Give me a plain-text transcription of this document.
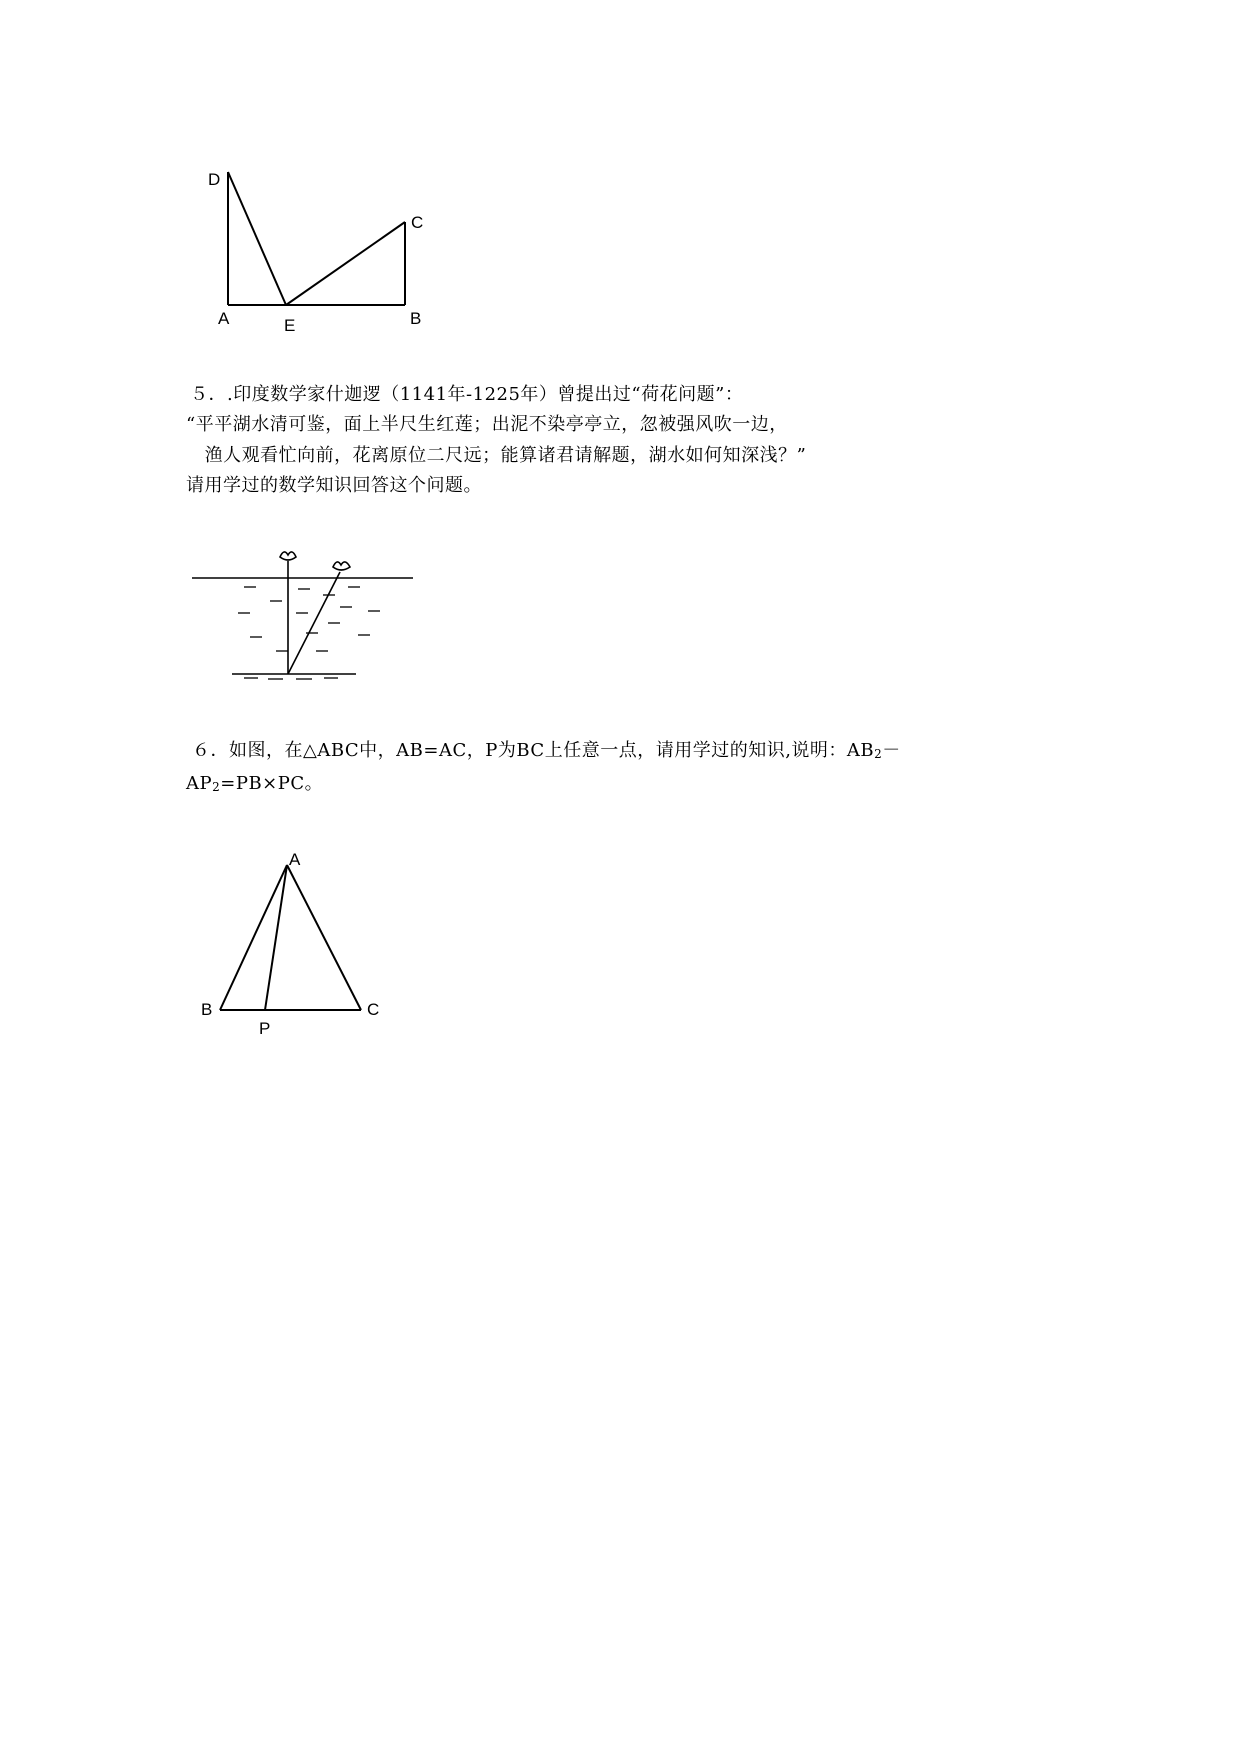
D
C
A	E	B
５．.印度数学家什迦逻（1141年-1225年）曾提出过“荷花问题”：
“平平湖水清可鉴，面上半尺生红莲；出泥不染亭亭立，忽被强风吹一边，
渔人观看忙向前，花离原位二尺远；能算诸君请解题，湖水如何知深浅？”
请用学过的数学知识回答这个问题。
６．如图，在△ABC中，AB=AC，P为BC上任意一点，请用学过的知识,说明：$AB_2-$
$AP_2=PB\times PC$。
A
B	C
P
